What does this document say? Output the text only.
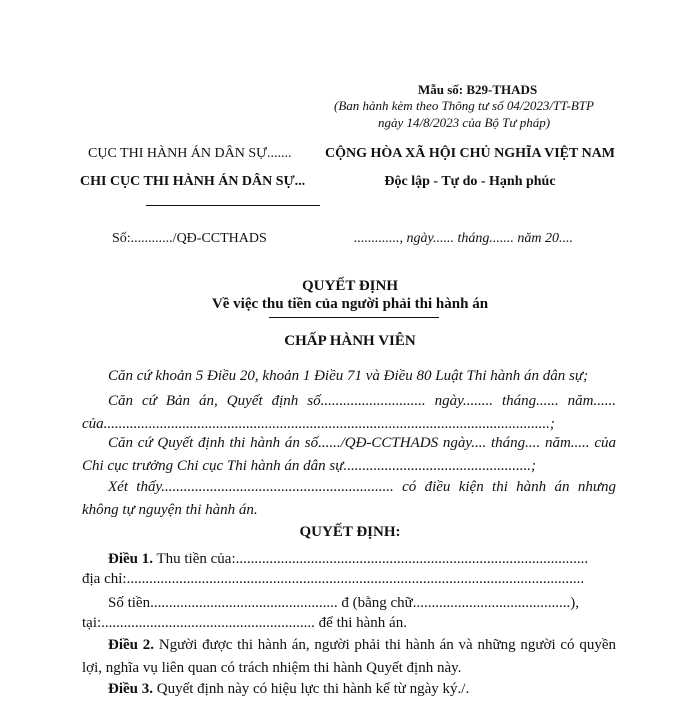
Mẫu số: B29-THADS
(Ban hành kèm theo Thông tư số 04/2023/TT-BTP
ngày 14/8/2023 của Bộ Tư pháp)
CỤC THI HÀNH ÁN DÂN SỰ.......
CHI CỤC THI HÀNH ÁN DÂN SỰ...
CỘNG HÒA XÃ HỘI CHỦ NGHĨA VIỆT NAM
Độc lập - Tự do - Hạnh phúc
Số:............/QĐ-CCTHADS	............., ngày...... tháng....... năm 20....
QUYẾT ĐỊNH
Về việc thu tiền của người phải thi hành án
CHẤP HÀNH VIÊN
Căn cứ khoản 5 Điều 20, khoản 1 Điều 71 và Điều 80 Luật Thi hành án dân sự;
Căn cứ Bản án, Quyết định số............................ ngày........ tháng...... năm...... của.......................................................................................................................;
Căn cứ Quyết định thi hành án số....../QĐ-CCTHADS ngày.... tháng.... năm..... của Chi cục trưởng Chi cục Thi hành án dân sự..................................................;
Xét thấy.............................................................. có điều kiện thi hành án nhưng không tự nguyện thi hành án.
QUYẾT ĐỊNH:
Điều 1. Thu tiền của:..............................................................................................
địa chỉ:..........................................................................................................................
Số tiền.................................................. đ (bằng chữ..........................................),
tại:......................................................... để thi hành án.
Điều 2. Người được thi hành án, người phải thi hành án và những người có quyền lợi, nghĩa vụ liên quan có trách nhiệm thi hành Quyết định này.
Điều 3. Quyết định này có hiệu lực thi hành kể từ ngày ký./.
